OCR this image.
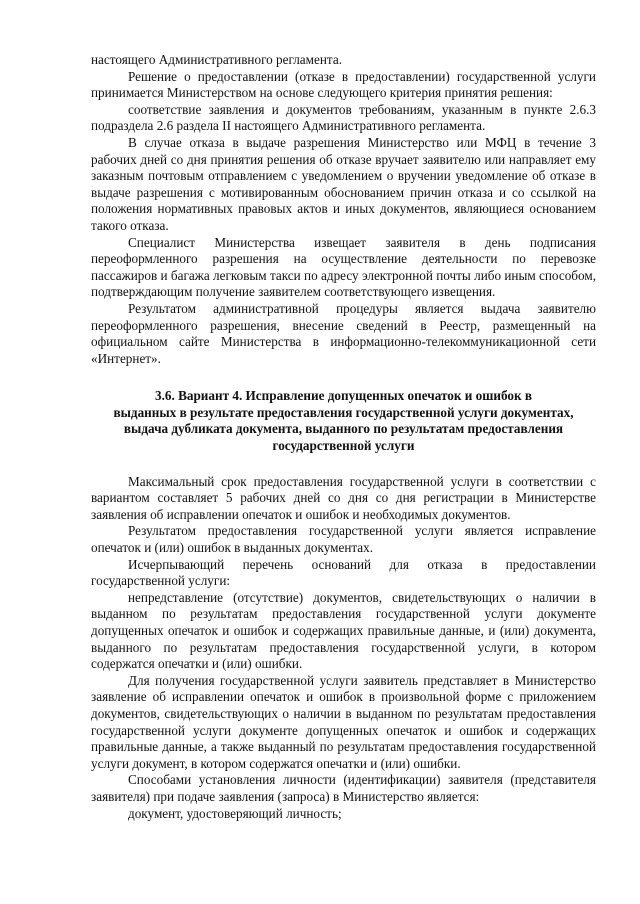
настоящего Административного регламента.

Решение о предоставлении (отказе в предоставлении) государственной услуги принимается Министерством на основе следующего критерия принятия решения:

соответствие заявления и документов требованиям, указанным в пункте 2.6.3 подраздела 2.6 раздела II настоящего Административного регламента.

В случае отказа в выдаче разрешения Министерство или МФЦ в течение 3 рабочих дней со дня принятия решения об отказе вручает заявителю или направляет ему заказным почтовым отправлением с уведомлением о вручении уведомление об отказе в выдаче разрешения с мотивированным обоснованием причин отказа и со ссылкой на положения нормативных правовых актов и иных документов, являющиеся основанием такого отказа.

Специалист Министерства извещает заявителя в день подписания переоформленного разрешения на осуществление деятельности по перевозке пассажиров и багажа легковым такси по адресу электронной почты либо иным способом, подтверждающим получение заявителем соответствующего извещения.

Результатом административной процедуры является выдача заявителю переоформленного разрешения, внесение сведений в Реестр, размещенный на официальном сайте Министерства в информационно-телекоммуникационной сети «Интернет».

3.6. Вариант 4. Исправление допущенных опечаток и ошибок в
выданных в результате предоставления государственной услуги документах,
выдача дубликата документа, выданного по результатам предоставления
государственной услуги

Максимальный срок предоставления государственной услуги в соответствии с вариантом составляет 5 рабочих дней со дня со дня регистрации в Министерстве заявления об исправлении опечаток и ошибок и необходимых документов.

Результатом предоставления государственной услуги является исправление опечаток и (или) ошибок в выданных документах.

Исчерпывающий перечень оснований для отказа в предоставлении государственной услуги:

непредставление (отсутствие) документов, свидетельствующих о наличии в выданном по результатам предоставления государственной услуги документе допущенных опечаток и ошибок и содержащих правильные данные, и (или) документа, выданного по результатам предоставления государственной услуги, в котором содержатся опечатки и (или) ошибки.

Для получения государственной услуги заявитель представляет в Министерство заявление об исправлении опечаток и ошибок в произвольной форме с приложением документов, свидетельствующих о наличии в выданном по результатам предоставления государственной услуги документе допущенных опечаток и ошибок и содержащих правильные данные, а также выданный по результатам предоставления государственной услуги документ, в котором содержатся опечатки и (или) ошибки.

Способами установления личности (идентификации) заявителя (представителя заявителя) при подаче заявления (запроса) в Министерство является:

документ, удостоверяющий личность;
